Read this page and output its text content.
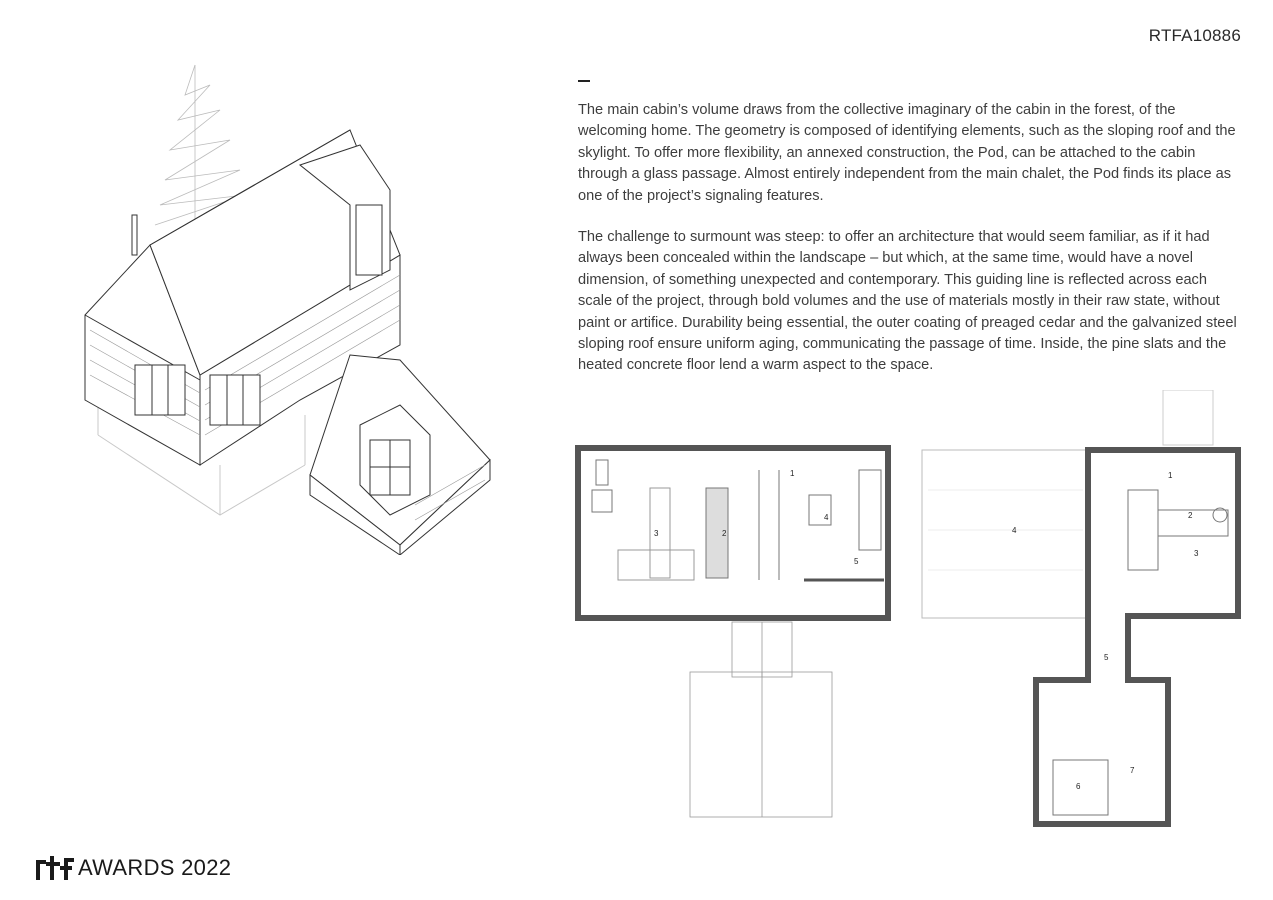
RTFA10886

The main cabin’s volume draws from the collective imaginary of the cabin in the forest, of the welcoming home. The geometry is composed of identifying elements, such as the sloping roof and the skylight. To offer more flexibility, an annexed construction, the Pod, can be attached to the cabin through a glass passage. Almost entirely independent from the main chalet, the Pod finds its place as one of the project’s signaling features.

The challenge to surmount was steep: to offer an architecture that would seem familiar, as if it had always been concealed within the landscape – but which, at the same time, would have a novel dimension, of something unexpected and contemporary. This guiding line is reflected across each scale of the project, through bold volumes and the use of materials mostly in their raw state, without paint or artifice. Durability being essential, the outer coating of preaged cedar and the galvanized steel sloping roof ensure uniform aging, communicating the passage of time. Inside, the pine slats and the heated concrete floor lend a warm aspect to the space.

3	2
1
4
5
1
2
3
4
5
6
7
AWARDS 2022
